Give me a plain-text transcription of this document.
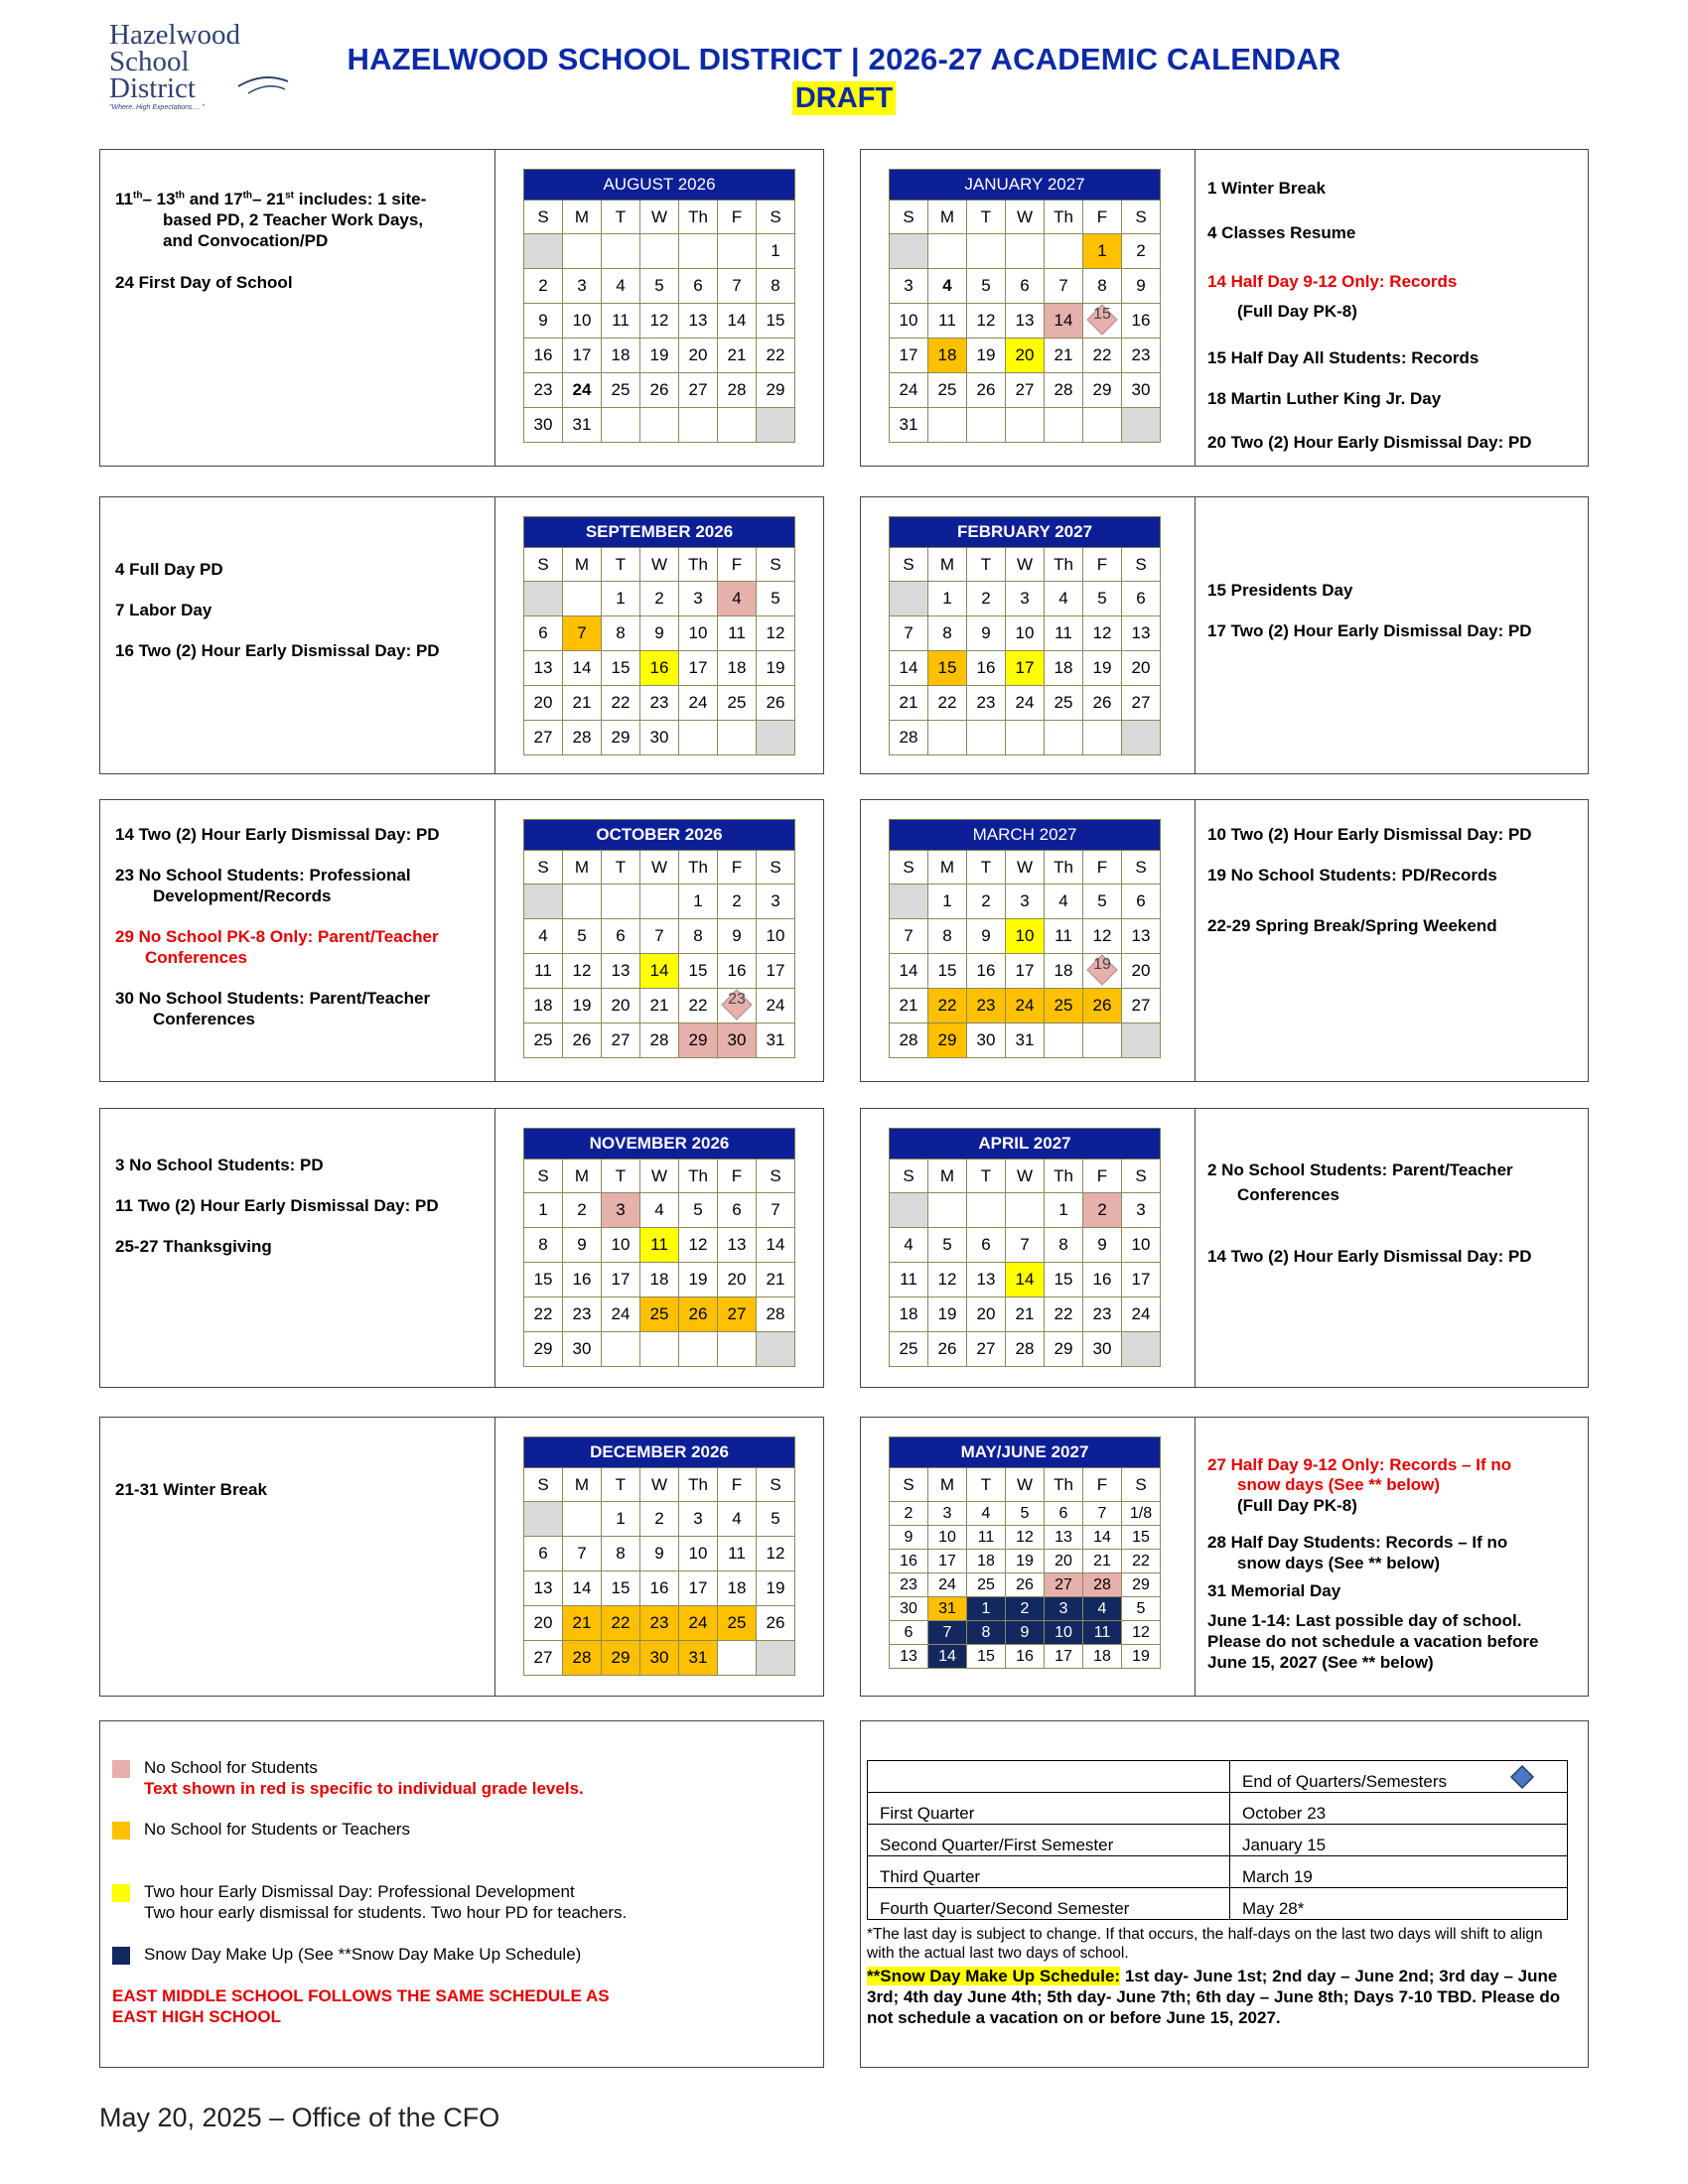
Hazelwood
School
District
"Where..High Expectations.... "
HAZELWOOD SCHOOL DISTRICT | 2026-27 ACADEMIC CALENDAR
DRAFT
AUGUST 2026						
S	M	T	W	Th	F	S
						1
2	3	4	5	6	7	8
9	10	11	12	13	14	15
16	17	18	19	20	21	22
23	24	25	26	27	28	29
30	31					
JANUARY 2027						
S	M	T	W	Th	F	S
					1	2
3	4	5	6	7	8	9
10	11	12	13	14	15	16
17	18	19	20	21	22	23
24	25	26	27	28	29	30
31						
SEPTEMBER 2026						
S	M	T	W	Th	F	S
		1	2	3	4	5
6	7	8	9	10	11	12
13	14	15	16	17	18	19
20	21	22	23	24	25	26
27	28	29	30			
FEBRUARY 2027						
S	M	T	W	Th	F	S
	1	2	3	4	5	6
7	8	9	10	11	12	13
14	15	16	17	18	19	20
21	22	23	24	25	26	27
28						
OCTOBER 2026						
S	M	T	W	Th	F	S
				1	2	3
4	5	6	7	8	9	10
11	12	13	14	15	16	17
18	19	20	21	22	23	24
25	26	27	28	29	30	31
MARCH 2027						
S	M	T	W	Th	F	S
	1	2	3	4	5	6
7	8	9	10	11	12	13
14	15	16	17	18	19	20
21	22	23	24	25	26	27
28	29	30	31			
NOVEMBER 2026						
S	M	T	W	Th	F	S
1	2	3	4	5	6	7
8	9	10	11	12	13	14
15	16	17	18	19	20	21
22	23	24	25	26	27	28
29	30					
APRIL 2027						
S	M	T	W	Th	F	S
				1	2	3
4	5	6	7	8	9	10
11	12	13	14	15	16	17
18	19	20	21	22	23	24
25	26	27	28	29	30	
DECEMBER 2026						
S	M	T	W	Th	F	S
		1	2	3	4	5
6	7	8	9	10	11	12
13	14	15	16	17	18	19
20	21	22	23	24	25	26
27	28	29	30	31		
MAY/JUNE 2027						
S	M	T	W	Th	F	S
2	3	4	5	6	7	1/8
9	10	11	12	13	14	15
16	17	18	19	20	21	22
23	24	25	26	27	28	29
30	31	1	2	3	4	5
6	7	8	9	10	11	12
13	14	15	16	17	18	19
11th– 13th and 17th– 21st includes: 1 site-
based PD, 2 Teacher Work Days,
and Convocation/PD
24 First Day of School
1 Winter Break
4 Classes Resume
14 Half Day 9-12 Only: Records
(Full Day PK-8)
15 Half Day All Students: Records
18 Martin Luther King Jr. Day
20 Two (2) Hour Early Dismissal Day: PD
4 Full Day PD
7 Labor Day
16 Two (2) Hour Early Dismissal Day: PD
15 Presidents Day
17 Two (2) Hour Early Dismissal Day: PD
14 Two (2) Hour Early Dismissal Day: PD
23 No School Students: Professional
Development/Records
29 No School PK-8 Only: Parent/Teacher
Conferences
30 No School Students: Parent/Teacher
Conferences
10 Two (2) Hour Early Dismissal Day: PD
19 No School Students: PD/Records
22-29 Spring Break/Spring Weekend
3 No School Students: PD
11 Two (2) Hour Early Dismissal Day: PD
25-27 Thanksgiving
2 No School Students: Parent/Teacher
Conferences
14 Two (2) Hour Early Dismissal Day: PD
21-31 Winter Break
27 Half Day 9-12 Only: Records – If no
snow days (See ** below)
(Full Day PK-8)
28 Half Day Students: Records – If no
snow days (See ** below)
31 Memorial Day
June 1-14: Last possible day of school.
Please do not schedule a vacation before
June 15, 2027 (See ** below)
No School for Students
Text shown in red is specific to individual grade levels.
No School for Students or Teachers
Two hour Early Dismissal Day: Professional Development
Two hour early dismissal for students. Two hour PD for teachers.
Snow Day Make Up (See **Snow Day Make Up Schedule)
EAST MIDDLE SCHOOL FOLLOWS THE SAME SCHEDULE AS
EAST HIGH SCHOOL
	End of Quarters/Semesters

First Quarter	October 23
Second Quarter/First Semester	January 15
Third Quarter	March 19
Fourth Quarter/Second Semester	May 28*
*The last day is subject to change. If that occurs, the half-days on the last two days will shift to align with the actual last two days of school.
**Snow Day Make Up Schedule: 1st day- June 1st; 2nd day – June 2nd; 3rd day – June 3rd; 4th day June 4th; 5th day- June 7th; 6th day – June 8th; Days 7-10 TBD. Please do not schedule a vacation on or before June 15, 2027.
May 20, 2025 – Office of the CFO
